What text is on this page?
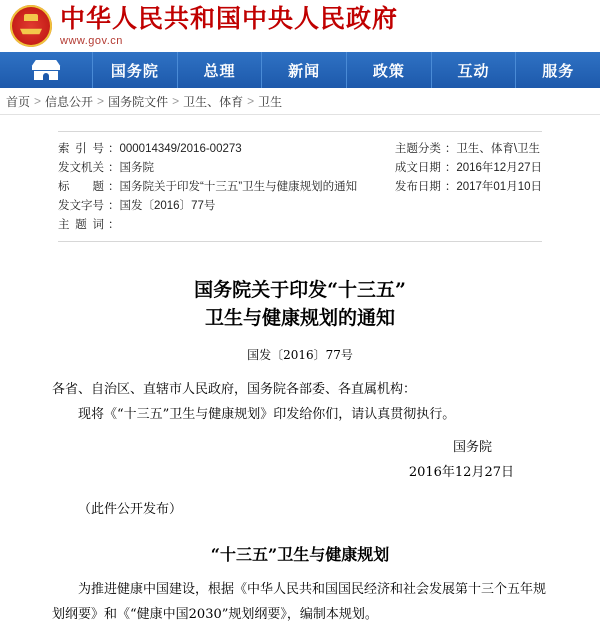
中华人民共和国中央人民政府
www.gov.cn
国务院	总理	新闻	政策	互动	服务
首页 > 信息公开 > 国务院文件 > 卫生、体育 > 卫生
索 引 号	：	000014349/2016-00273	主题分类	：	卫生、体育\卫生
发文机关	：	国务院	成文日期	：	2016年12月27日
标 题	：	国务院关于印发“十三五”卫生与健康规划的通知	发布日期	：	2017年01月10日
发文字号	：	国发〔2016〕77号			
主 题 词	：				
国务院关于印发“十三五”
卫生与健康规划的通知
国发〔2016〕77号
各省、自治区、直辖市人民政府，国务院各部委、各直属机构：
现将《“十三五”卫生与健康规划》印发给你们，请认真贯彻执行。
国务院
2016年12月27日
（此件公开发布）
“十三五”卫生与健康规划
为推进健康中国建设，根据《中华人民共和国国民经济和社会发展第十三个五年规划纲要》和《“健康中国2030”规划纲要》，编制本规划。
